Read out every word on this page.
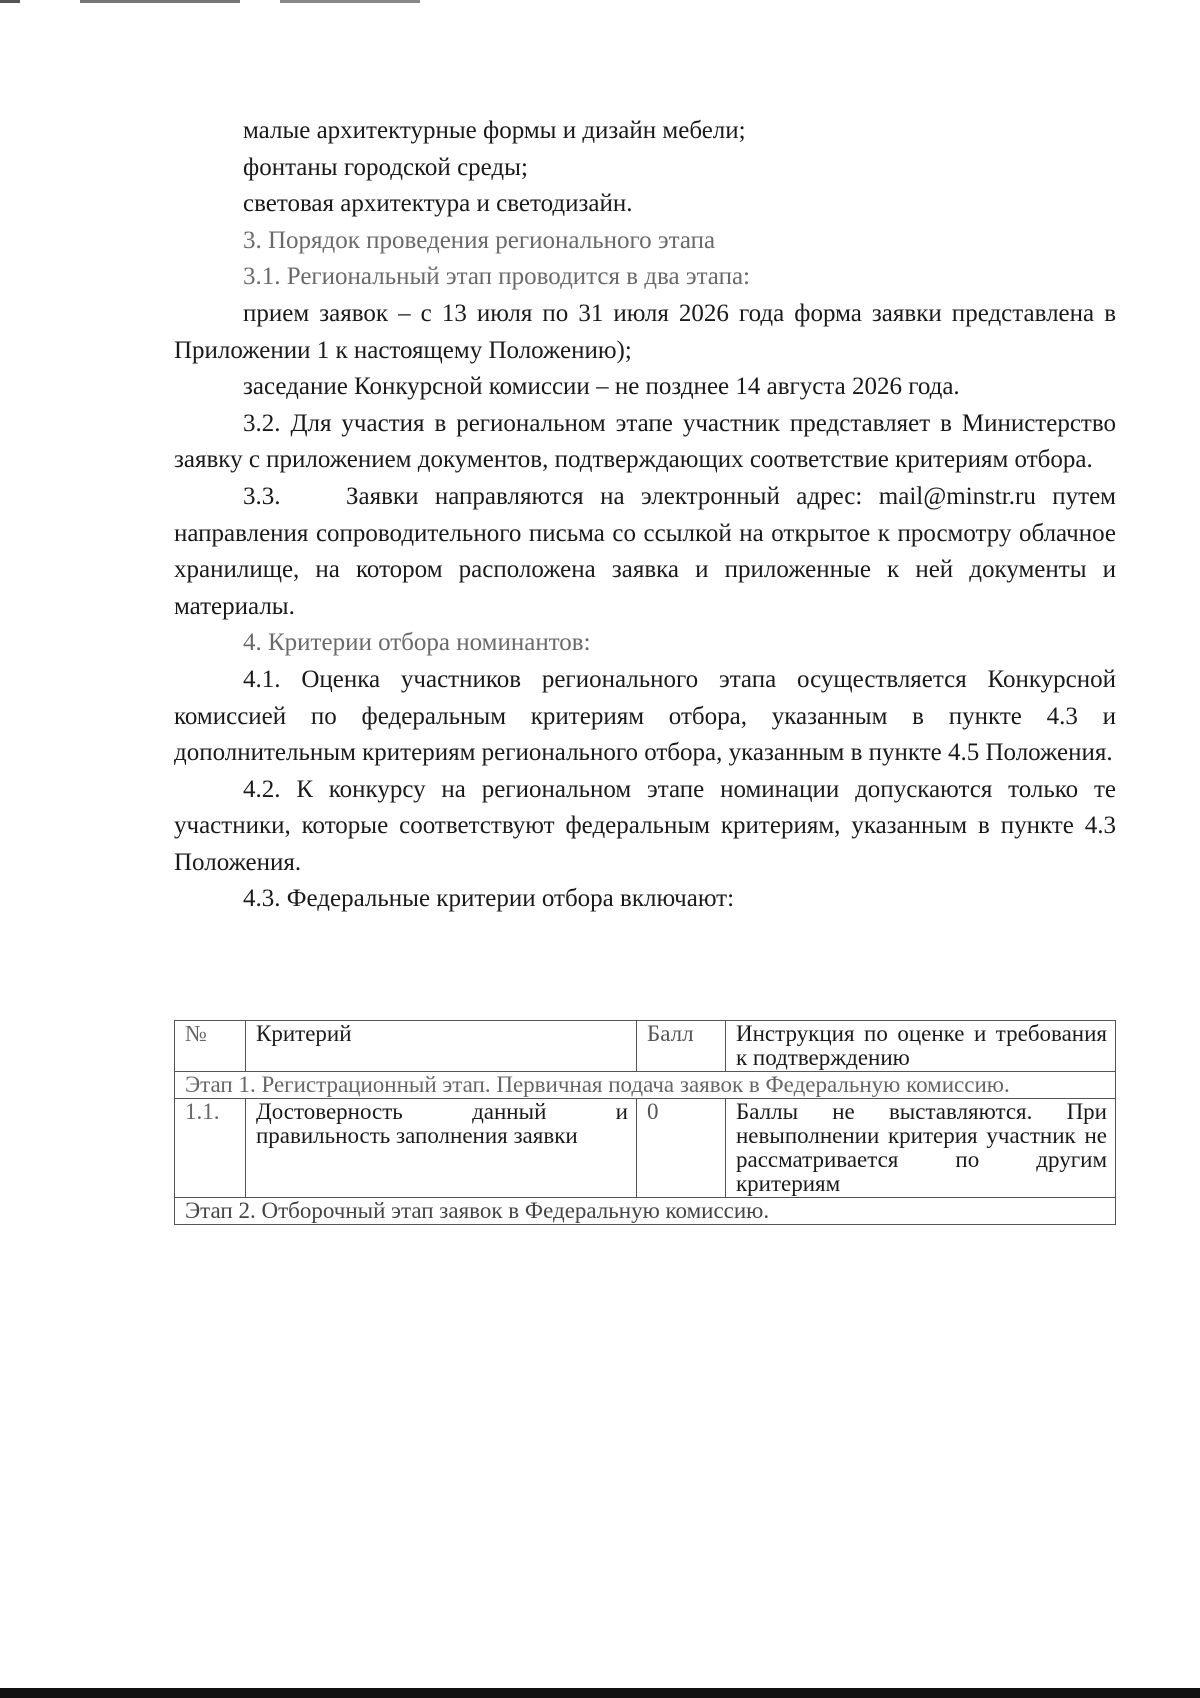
малые архитектурные формы и дизайн мебели;

фонтаны городской среды;

световая архитектура и светодизайн.

3. Порядок проведения регионального этапа

3.1. Региональный этап проводится в два этапа:

прием заявок – с 13 июля по 31 июля 2026 года форма заявки представлена в Приложении 1 к настоящему Положению);

заседание Конкурсной комиссии – не позднее 14 августа 2026 года.

3.2. Для участия в региональном этапе участник представляет в Министерство заявку с приложением документов, подтверждающих соответствие критериям отбора.

3.3.	Заявки направляются на электронный адрес: mail@minstr.ru путем направления сопроводительного письма со ссылкой на открытое к просмотру облачное хранилище, на котором расположена заявка и приложенные к ней документы и материалы.

4. Критерии отбора номинантов:

4.1. Оценка участников регионального этапа осуществляется Конкурсной комиссией по федеральным критериям отбора, указанным в пункте 4.3 и дополнительным критериям регионального отбора, указанным в пункте 4.5 Положения.

4.2. К конкурсу на региональном этапе номинации допускаются только те участники, которые соответствуют федеральным критериям, указанным в пункте 4.3 Положения.

4.3. Федеральные критерии отбора включают:

№	Критерий	Балл	Инструкция по оценке и требования к подтверждению
Этап 1. Регистрационный этап. Первичная подача заявок в Федеральную комиссию.			
1.1.	Достоверность данный и правильность заполнения заявки	0	Баллы не выставляются. При невыполнении критерия участник не рассматривается по другим критериям
Этап 2. Отборочный этап заявок в Федеральную комиссию.			
